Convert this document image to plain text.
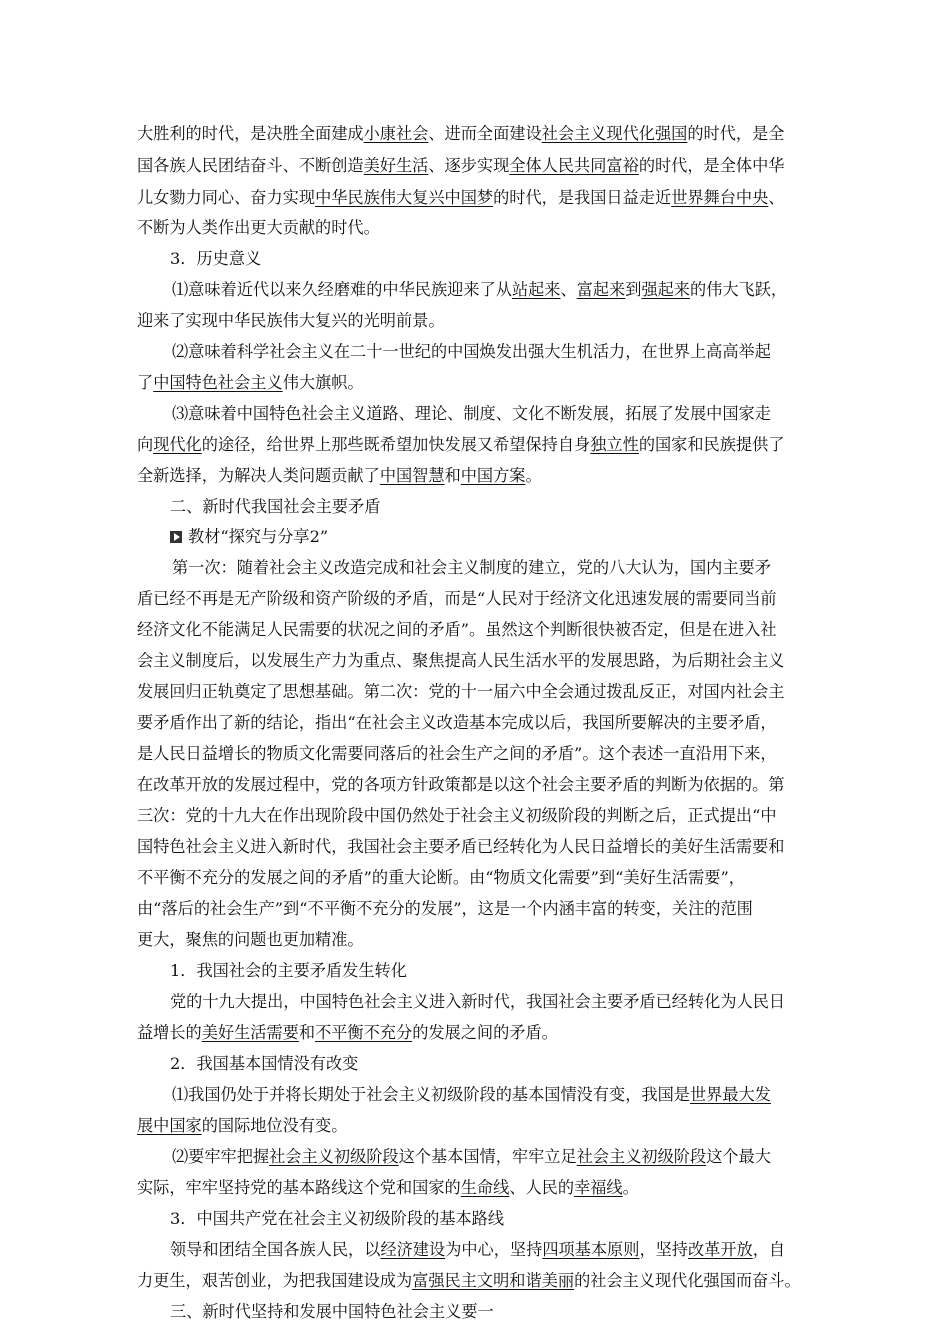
大胜利的时代，是决胜全面建成小康社会、进而全面建设社会主义现代化强国的时代，是全
国各族人民团结奋斗、不断创造美好生活、逐步实现全体人民共同富裕的时代，是全体中华
儿女勠力同心、奋力实现中华民族伟大复兴中国梦的时代，是我国日益走近世界舞台中央、
不断为人类作出更大贡献的时代。
3．历史意义
⑴意味着近代以来久经磨难的中华民族迎来了从站起来、富起来到强起来的伟大飞跃，
迎来了实现中华民族伟大复兴的光明前景。
⑵意味着科学社会主义在二十一世纪的中国焕发出强大生机活力，在世界上高高举起
了中国特色社会主义伟大旗帜。
⑶意味着中国特色社会主义道路、理论、制度、文化不断发展，拓展了发展中国家走
向现代化的途径，给世界上那些既希望加快发展又希望保持自身独立性的国家和民族提供了
全新选择，为解决人类问题贡献了中国智慧和中国方案。
二、新时代我国社会主要矛盾
教材“探究与分享2”
第一次：随着社会主义改造完成和社会主义制度的建立，党的八大认为，国内主要矛
盾已经不再是无产阶级和资产阶级的矛盾，而是“人民对于经济文化迅速发展的需要同当前
经济文化不能满足人民需要的状况之间的矛盾”。虽然这个判断很快被否定，但是在进入社
会主义制度后，以发展生产力为重点、聚焦提高人民生活水平的发展思路，为后期社会主义
发展回归正轨奠定了思想基础。第二次：党的十一届六中全会通过拨乱反正，对国内社会主
要矛盾作出了新的结论，指出“在社会主义改造基本完成以后，我国所要解决的主要矛盾，
是人民日益增长的物质文化需要同落后的社会生产之间的矛盾”。这个表述一直沿用下来，
在改革开放的发展过程中，党的各项方针政策都是以这个社会主要矛盾的判断为依据的。第
三次：党的十九大在作出现阶段中国仍然处于社会主义初级阶段的判断之后，正式提出“中
国特色社会主义进入新时代，我国社会主要矛盾已经转化为人民日益增长的美好生活需要和
不平衡不充分的发展之间的矛盾”的重大论断。由“物质文化需要”到“美好生活需要”，
由“落后的社会生产”到“不平衡不充分的发展”，这是一个内涵丰富的转变，关注的范围
更大，聚焦的问题也更加精准。
1．我国社会的主要矛盾发生转化
党的十九大提出，中国特色社会主义进入新时代，我国社会主要矛盾已经转化为人民日
益增长的美好生活需要和不平衡不充分的发展之间的矛盾。
2．我国基本国情没有改变
⑴我国仍处于并将长期处于社会主义初级阶段的基本国情没有变，我国是世界最大发
展中国家的国际地位没有变。
⑵要牢牢把握社会主义初级阶段这个基本国情，牢牢立足社会主义初级阶段这个最大
实际，牢牢坚持党的基本路线这个党和国家的生命线、人民的幸福线。
3．中国共产党在社会主义初级阶段的基本路线
领导和团结全国各族人民，以经济建设为中心，坚持四项基本原则，坚持改革开放，自
力更生，艰苦创业，为把我国建设成为富强民主文明和谐美丽的社会主义现代化强国而奋斗。
三、新时代坚持和发展中国特色社会主义要一
